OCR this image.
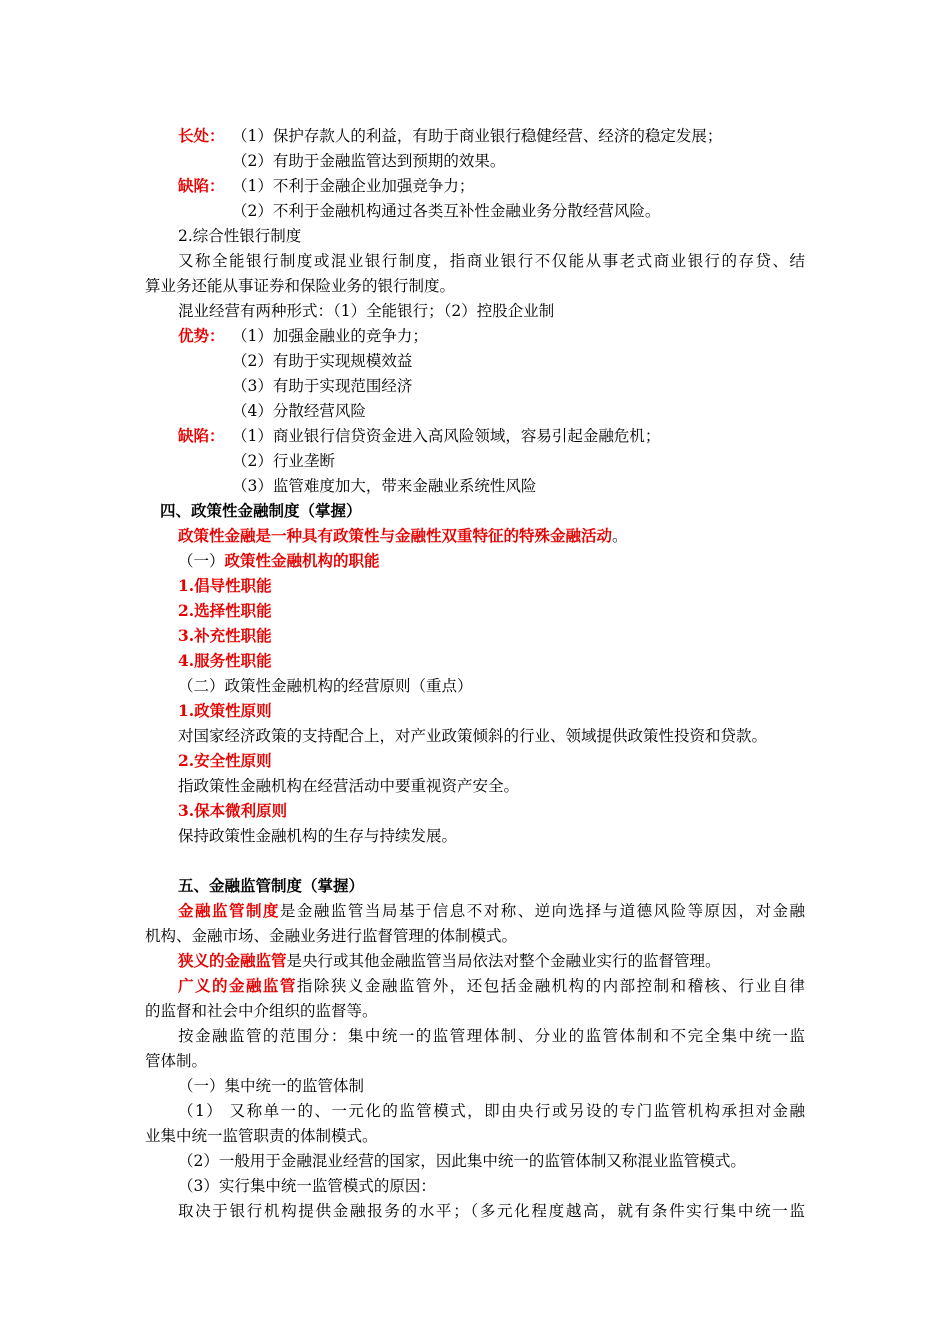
长处： （1）保护存款人的利益，有助于商业银行稳健经营、经济的稳定发展；
（2）有助于金融监管达到预期的效果。
缺陷： （1）不利于金融企业加强竞争力；
（2）不利于金融机构通过各类互补性金融业务分散经营风险。
2.综合性银行制度
又称全能银行制度或混业银行制度，指商业银行不仅能从事老式商业银行的存贷、结
算业务还能从事证券和保险业务的银行制度。
混业经营有两种形式：（1）全能银行；（2）控股企业制
优势： （1）加强金融业的竞争力；
（2）有助于实现规模效益
（3）有助于实现范围经济
（4）分散经营风险
缺陷： （1）商业银行信贷资金进入高风险领域，容易引起金融危机；
（2）行业垄断
（3）监管难度加大，带来金融业系统性风险
四、政策性金融制度（掌握）
政策性金融是一种具有政策性与金融性双重特征的特殊金融活动。
（一）政策性金融机构的职能
1.倡导性职能
2.选择性职能
3.补充性职能
4.服务性职能
（二）政策性金融机构的经营原则（重点）
1.政策性原则
对国家经济政策的支持配合上，对产业政策倾斜的行业、领域提供政策性投资和贷款。
2.安全性原则
指政策性金融机构在经营活动中要重视资产安全。
3.保本微利原则
保持政策性金融机构的生存与持续发展。
五、金融监管制度（掌握）
金融监管制度是金融监管当局基于信息不对称、逆向选择与道德风险等原因，对金融
机构、金融市场、金融业务进行监督管理的体制模式。
狭义的金融监管是央行或其他金融监管当局依法对整个金融业实行的监督管理。
广义的金融监管指除狭义金融监管外，还包括金融机构的内部控制和稽核、行业自律
的监督和社会中介组织的监督等。
按金融监管的范围分：集中统一的监管理体制、分业的监管体制和不完全集中统一监
管体制。
（一）集中统一的监管体制
（1） 又称单一的、一元化的监管模式，即由央行或另设的专门监管机构承担对金融
业集中统一监管职责的体制模式。
（2）一般用于金融混业经营的国家，因此集中统一的监管体制又称混业监管模式。
（3）实行集中统一监管模式的原因：
取决于银行机构提供金融报务的水平；（多元化程度越高，就有条件实行集中统一监
